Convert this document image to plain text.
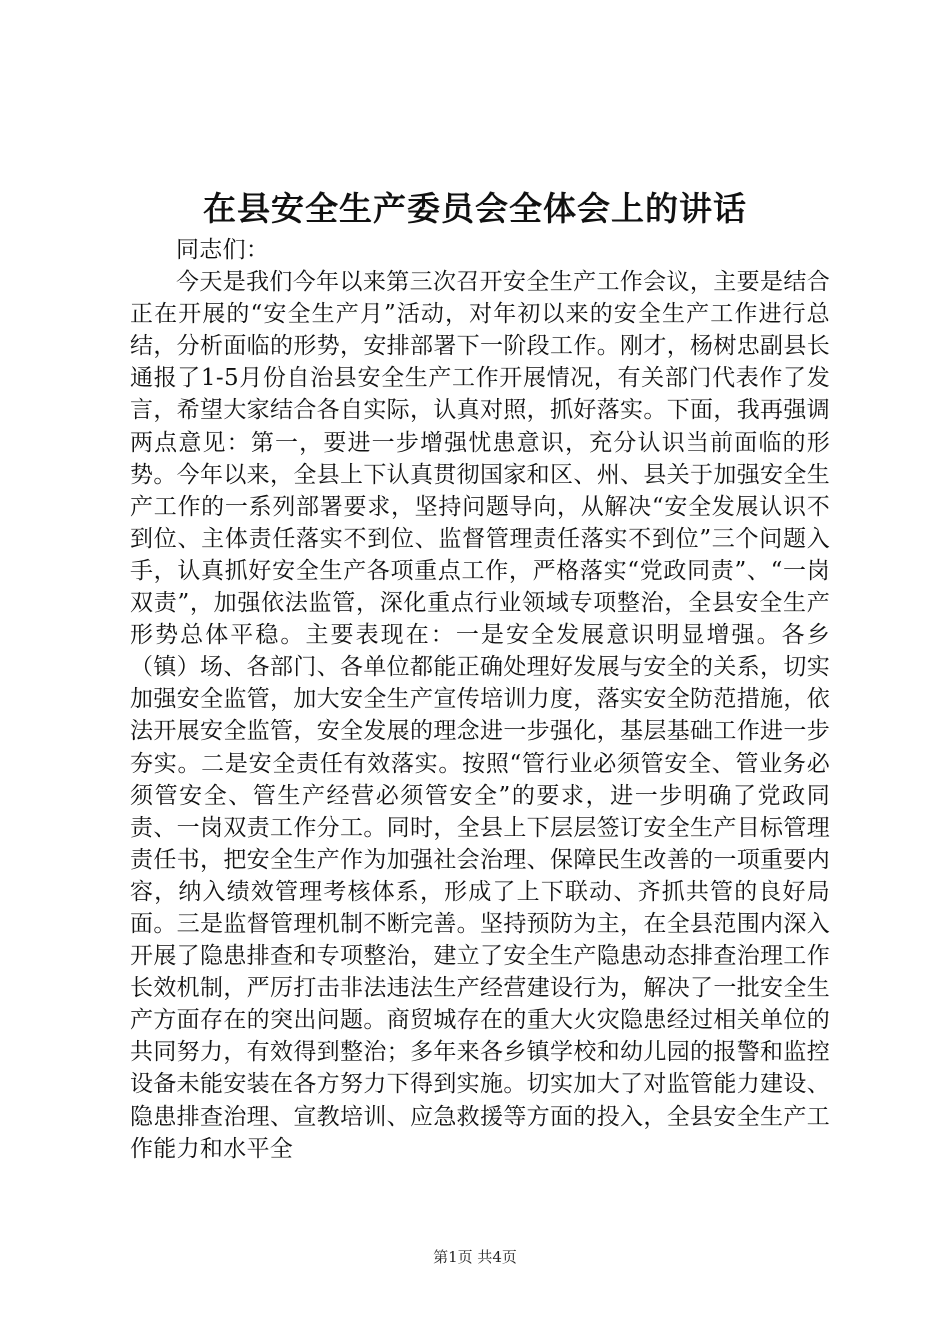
在县安全生产委员会全体会上的讲话

同志们：

今天是我们今年以来第三次召开安全生产工作会议，主要是结合正在开展的“安全生产月”活动，对年初以来的安全生产工作进行总结，分析面临的形势，安排部署下一阶段工作。刚才，杨树忠副县长通报了1-5月份自治县安全生产工作开展情况，有关部门代表作了发言，希望大家结合各自实际，认真对照，抓好落实。下面，我再强调两点意见：第一，要进一步增强忧患意识，充分认识当前面临的形势。今年以来，全县上下认真贯彻国家和区、州、县关于加强安全生产工作的一系列部署要求，坚持问题导向，从解决“安全发展认识不到位、主体责任落实不到位、监督管理责任落实不到位”三个问题入手，认真抓好安全生产各项重点工作，严格落实“党政同责”、“一岗双责”，加强依法监管，深化重点行业领域专项整治，全县安全生产形势总体平稳。主要表现在：一是安全发展意识明显增强。各乡（镇）场、各部门、各单位都能正确处理好发展与安全的关系，切实加强安全监管，加大安全生产宣传培训力度，落实安全防范措施，依法开展安全监管，安全发展的理念进一步强化，基层基础工作进一步夯实。二是安全责任有效落实。按照“管行业必须管安全、管业务必须管安全、管生产经营必须管安全”的要求，进一步明确了党政同责、一岗双责工作分工。同时，全县上下层层签订安全生产目标管理责任书，把安全生产作为加强社会治理、保障民生改善的一项重要内容，纳入绩效管理考核体系，形成了上下联动、齐抓共管的良好局面。三是监督管理机制不断完善。坚持预防为主，在全县范围内深入开展了隐患排查和专项整治，建立了安全生产隐患动态排查治理工作长效机制，严厉打击非法违法生产经营建设行为，解决了一批安全生产方面存在的突出问题。商贸城存在的重大火灾隐患经过相关单位的共同努力，有效得到整治；多年来各乡镇学校和幼儿园的报警和监控设备未能安装在各方努力下得到实施。切实加大了对监管能力建设、隐患排查治理、宣教培训、应急救援等方面的投入，全县安全生产工作能力和水平全

第1页 共4页
